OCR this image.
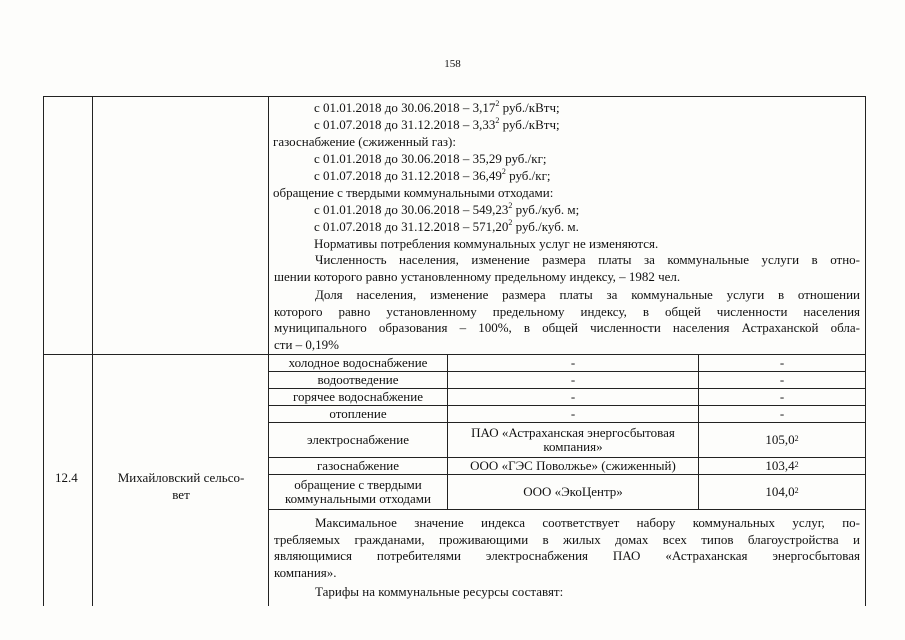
158
с 01.01.2018 до 30.06.2018 – 3,17$^2$ руб./кВтч;
с 01.07.2018 до 31.12.2018 – 3,33$^2$ руб./кВтч;
газоснабжение (сжиженный газ):
с 01.01.2018 до 30.06.2018 – 35,29 руб./кг;
с 01.07.2018 до 31.12.2018 – 36,49$^2$ руб./кг;
обращение с твердыми коммунальными отходами:
с 01.01.2018 до 30.06.2018 – 549,23$^2$ руб./куб. м;
с 01.07.2018 до 31.12.2018 – 571,20$^2$ руб./куб. м.
Нормативы потребления коммунальных услуг не изменяются.
Численность населения, изменение размера платы за коммунальные услуги в отно-
шении которого равно установленному предельному индексу, – 1982 чел.
Доля населения, изменение размера платы за коммунальные услуги в отношении
которого равно установленному предельному индексу, в общей численности населения
муниципального образования – 100%, в общей численности населения Астраханской обла-
сти – 0,19%
12.4	Михайловский сельсо-
вет
холодное водоснабжение	-	-
водоотведение	-	-
горячее водоснабжение	-	-
отопление	-	-
электроснабжение	ПАО «Астраханская энергосбытовая
компания»	105,0$^2$
газоснабжение	ООО «ГЭС Поволжье» (сжиженный)	103,4$^2$
обращение с твердыми
коммунальными отходами	ООО «ЭкоЦентр»	104,0$^2$
Максимальное значение индекса соответствует набору коммунальных услуг, по-
требляемых гражданами, проживающими в жилых домах всех типов благоустройства и
являющимися потребителями электроснабжения ПАО «Астраханская энергосбытовая
компания».
Тарифы на коммунальные ресурсы составят:
